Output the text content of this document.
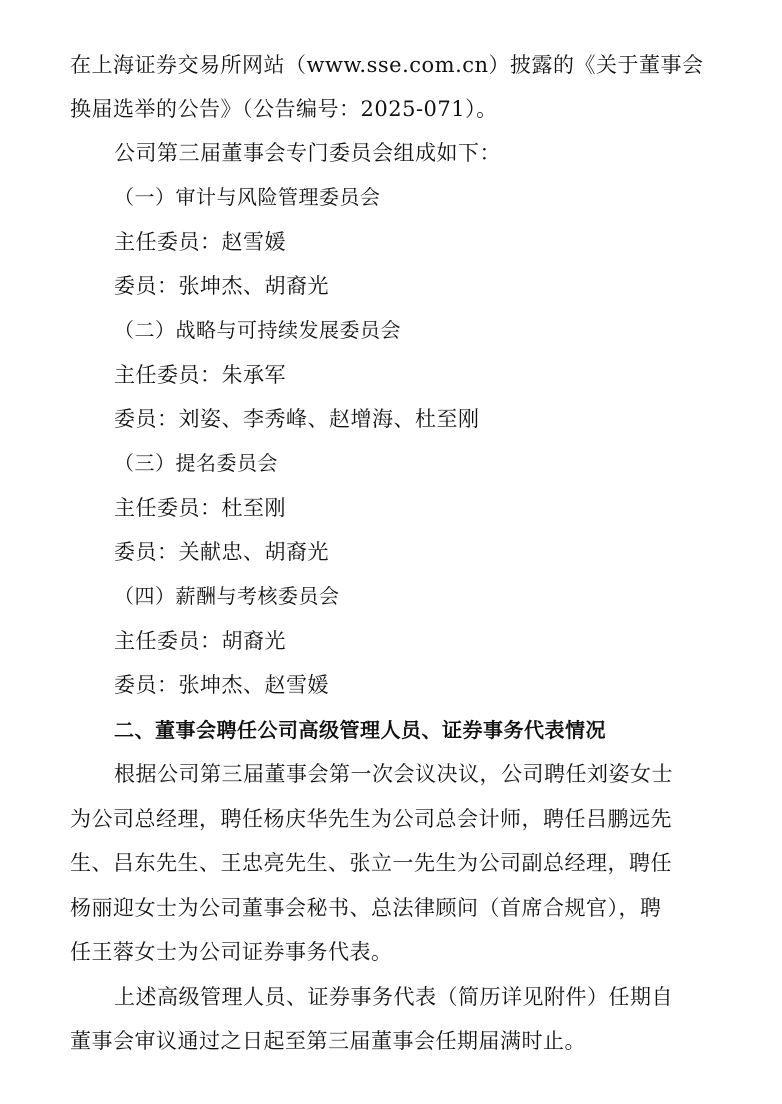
在上海证券交易所网站（www.sse.com.cn）披露的《关于董事会
换届选举的公告》（公告编号：2025-071）。
公司第三届董事会专门委员会组成如下：
（一）审计与风险管理委员会
主任委员：赵雪媛
委员：张坤杰、胡裔光
（二）战略与可持续发展委员会
主任委员：朱承军
委员：刘姿、李秀峰、赵增海、杜至刚
（三）提名委员会
主任委员：杜至刚
委员：关献忠、胡裔光
（四）薪酬与考核委员会
主任委员：胡裔光
委员：张坤杰、赵雪媛
二、董事会聘任公司高级管理人员、证券事务代表情况
根据公司第三届董事会第一次会议决议，公司聘任刘姿女士
为公司总经理，聘任杨庆华先生为公司总会计师，聘任吕鹏远先
生、吕东先生、王忠亮先生、张立一先生为公司副总经理，聘任
杨丽迎女士为公司董事会秘书、总法律顾问（首席合规官），聘
任王蓉女士为公司证券事务代表。
上述高级管理人员、证券事务代表（简历详见附件）任期自
董事会审议通过之日起至第三届董事会任期届满时止。
